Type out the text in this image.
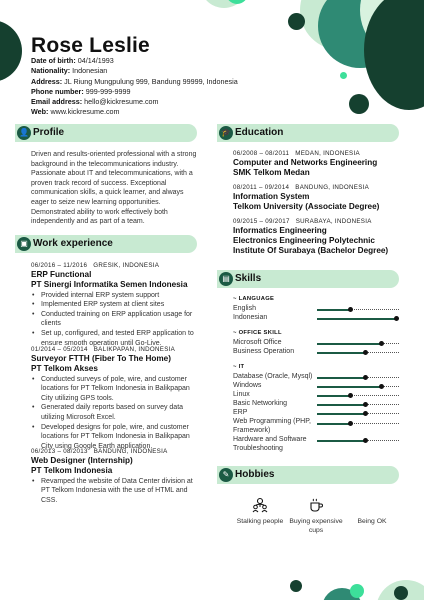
Rose Leslie
Date of birth: 04/14/1993
Nationality: Indonesian
Address: JL Riung Mungpulung 999, Bandung 99999, Indonesia
Phone number: 999-999-9999
Email address: hello@kickresume.com
Web: www.kickresume.com
👤 Profile
Driven and results-oriented professional with a strong background in the telecommunications industry. Passionate about IT and telecommunications, with a proven track record of success. Exceptional communication skills, a quick learner, and always eager to seize new learning opportunities. Demonstrated ability to work effectively both independently and as part of a team.
▣ Work experience
06/2016 – 11/2016 GRESIK, INDONESIA
ERP Functional
PT Sinergi Informatika Semen Indonesia
• Provided internal ERP system support
• Implemented ERP system at client sites
• Conducted training on ERP application usage for clients
• Set up, configured, and tested ERP application to ensure smooth operation until Go-Live.
01/2014 – 05/2014 BALIKPAPAN, INDONESIA
Surveyor FTTH (Fiber To The Home)
PT Telkom Akses
• Conducted surveys of pole, wire, and customer locations for PT Telkom Indonesia in Balikpapan City utilizing GPS tools.
• Generated daily reports based on survey data utilizing Microsoft Excel.
• Developed designs for pole, wire, and customer locations for PT Telkom Indonesia in Balikpapan City using Google Earth application.
06/2013 – 08/2013 BANDUNG, INDONESIA
Web Designer (Internship)
PT Telkom Indonesia
• Revamped the website of Data Center division at PT Telkom Indonesia with the use of HTML and CSS.
🎓 Education
06/2008 – 08/2011 MEDAN, INDONESIA
Computer and Networks Engineering
SMK Telkom Medan
08/2011 – 09/2014 BANDUNG, INDONESIA
Information System
Telkom University (Associate Degree)
09/2015 – 09/2017 SURABAYA, INDONESIA
Informatics Engineering
Electronics Engineering Polytechnic Institute Of Surabaya (Bachelor Degree)
▤ Skills
~ LANGUAGE
English
Indonesian
~ OFFICE SKILL
Microsoft Office
Business Operation
~ IT
Database (Oracle, Mysql)
Windows
Linux
Basic Networking
ERP
Web Programming (PHP, Framework)
Hardware and Software Troubleshooting
✎ Hobbies
Stalking people Buying expensive cups
Being OK
